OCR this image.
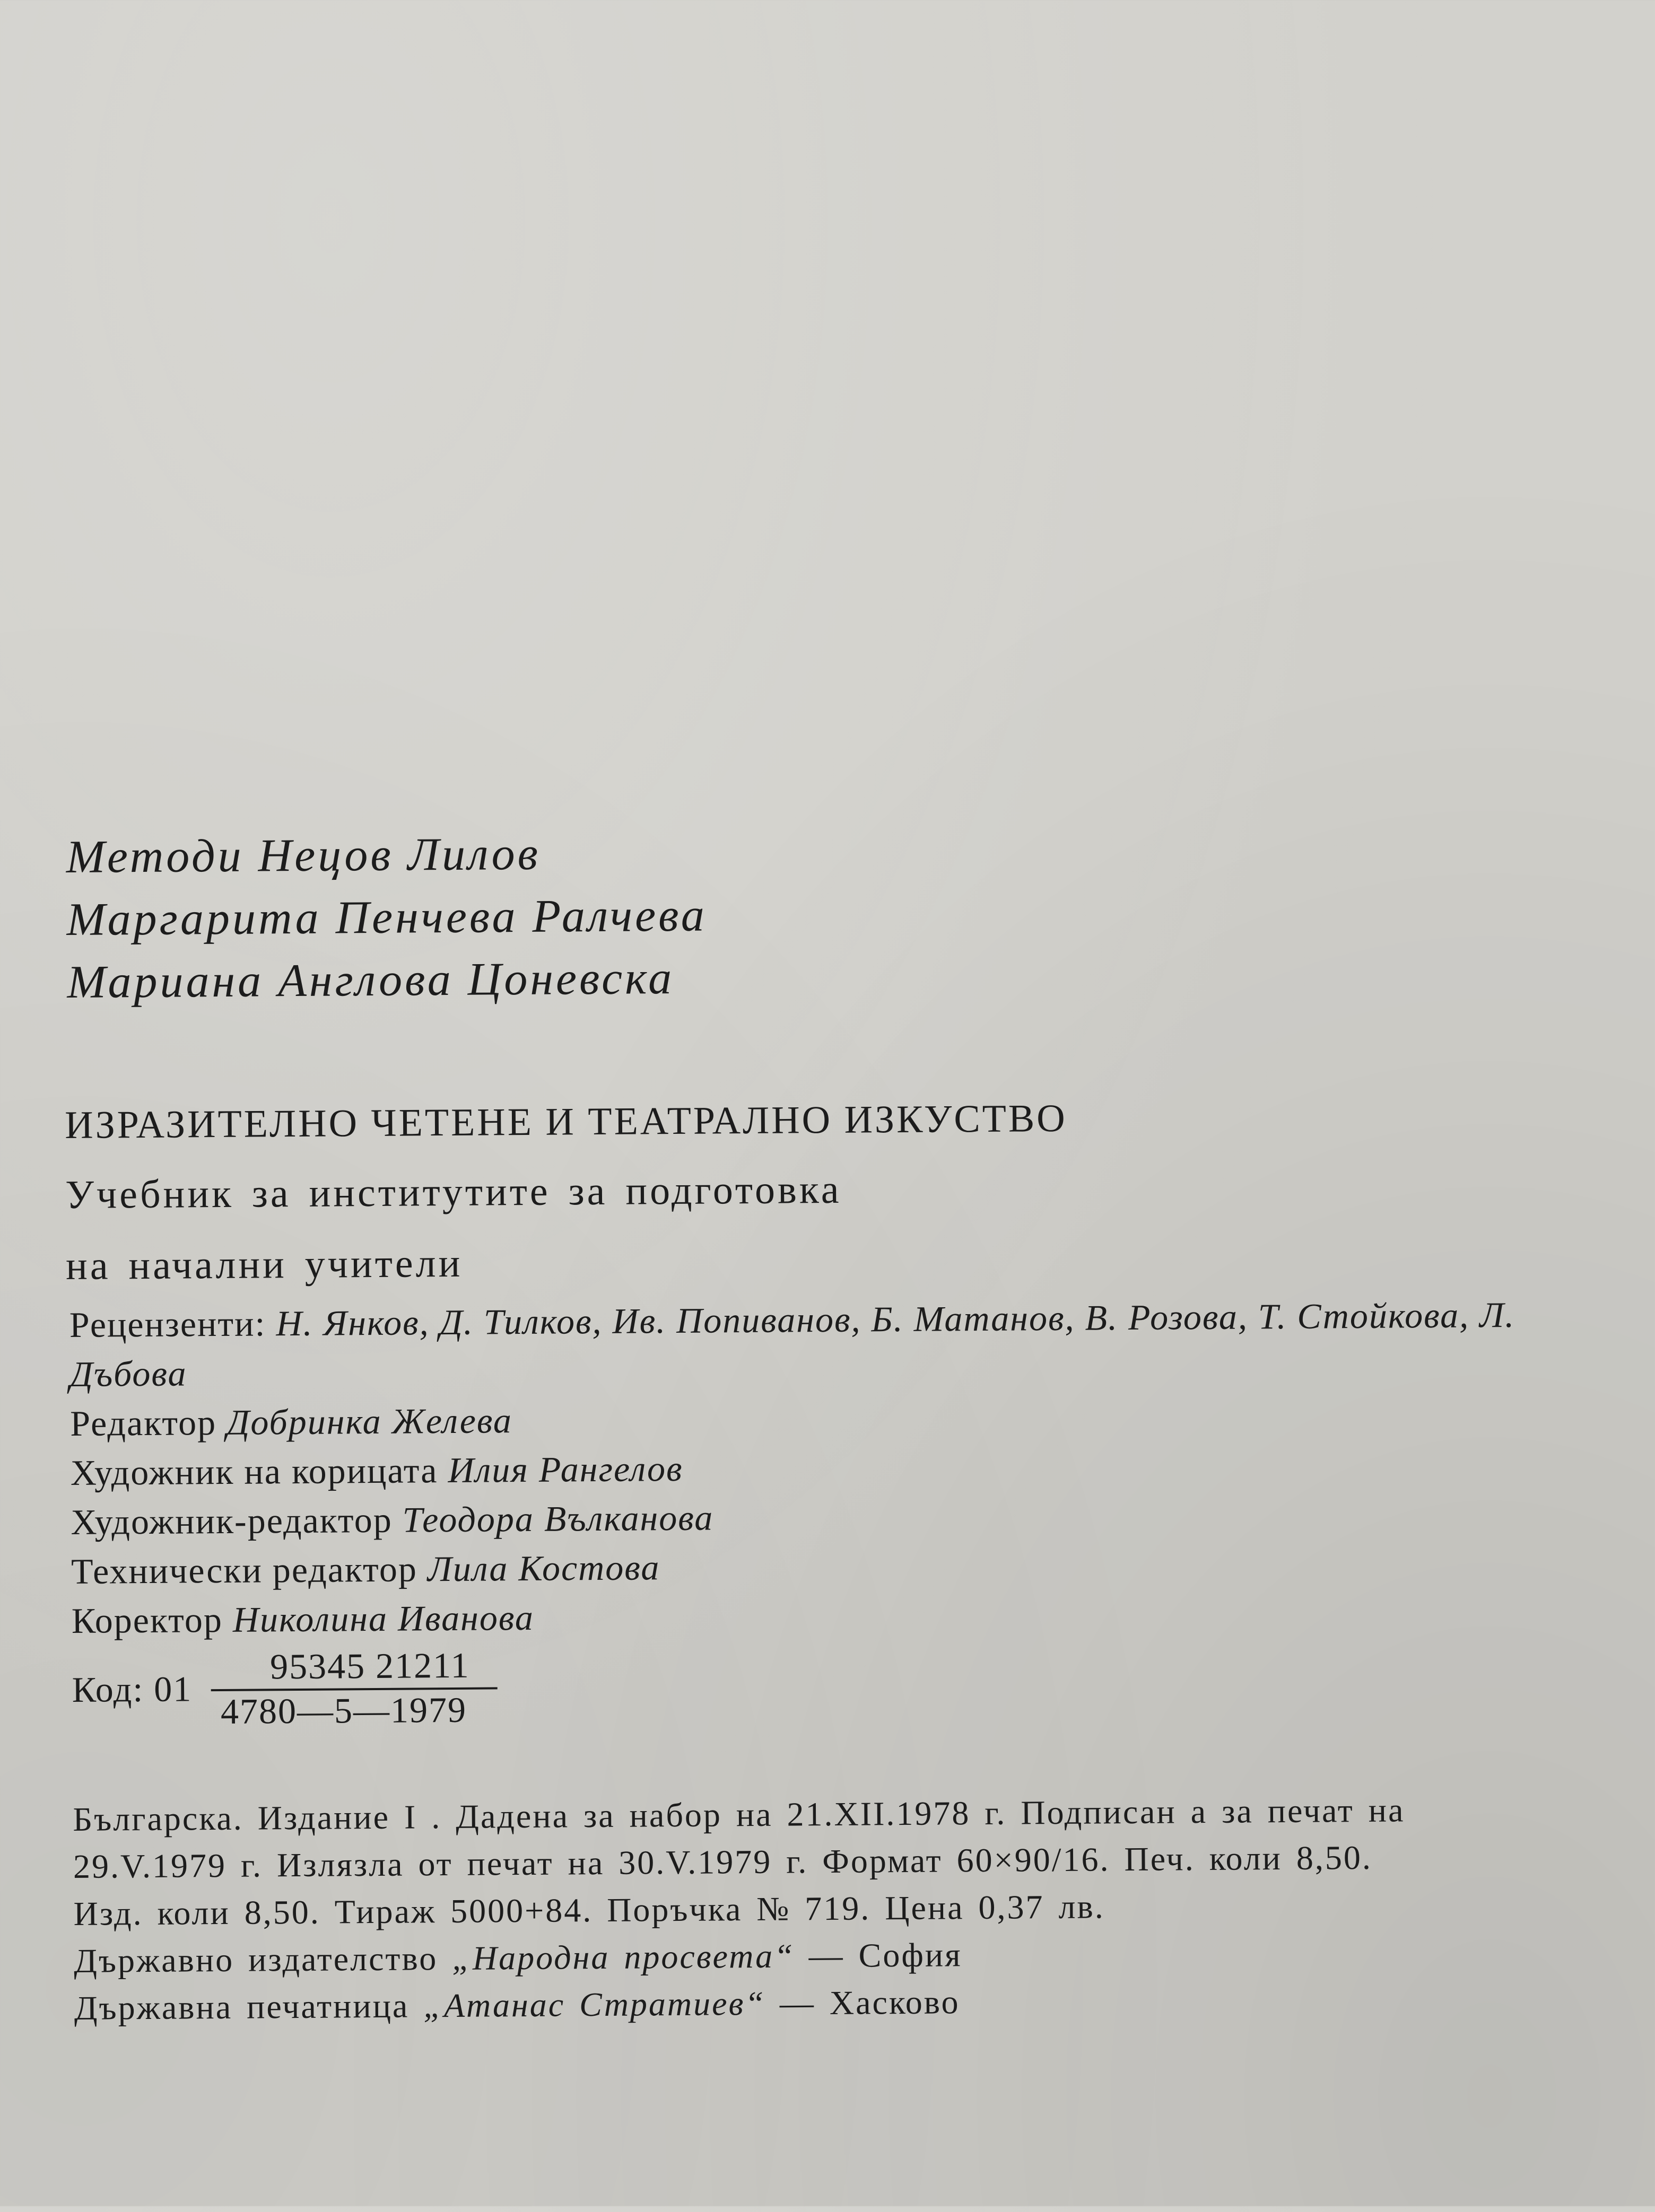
Методи Нецов Лилов
Маргарита Пенчева Ралчева
Мариана Англова Цоневска
ИЗРАЗИТЕЛНО ЧЕТЕНЕ И ТЕАТРАЛНО ИЗКУСТВО
Учебник за институтите за подготовка
на начални учители
Рецензенти: Н. Янков, Д. Тилков, Ив. Попиванов, Б. Матанов, В. Розова, Т. Стойкова, Л. Дъбова
Редактор Добринка Желева
Художник на корицата Илия Рангелов
Художник-редактор Теодора Вълканова
Технически редактор Лила Костова
Коректор Николина Иванова
Код: $01 \frac{95345 21211}{4780—5—1979}$
Българска. Издание I . Дадена за набор на 21.XII.1978 г. Подписан а за печат на
29.V.1979 г. Излязла от печат на 30.V.1979 г. Формат 60×90/16. Печ. коли 8,50.
Изд. коли 8,50. Тираж 5000+84. Поръчка № 719. Цена 0,37 лв.
Държавно издателство „Народна просвета“ — София
Държавна печатница „Атанас Стратиев“ — Хасково
